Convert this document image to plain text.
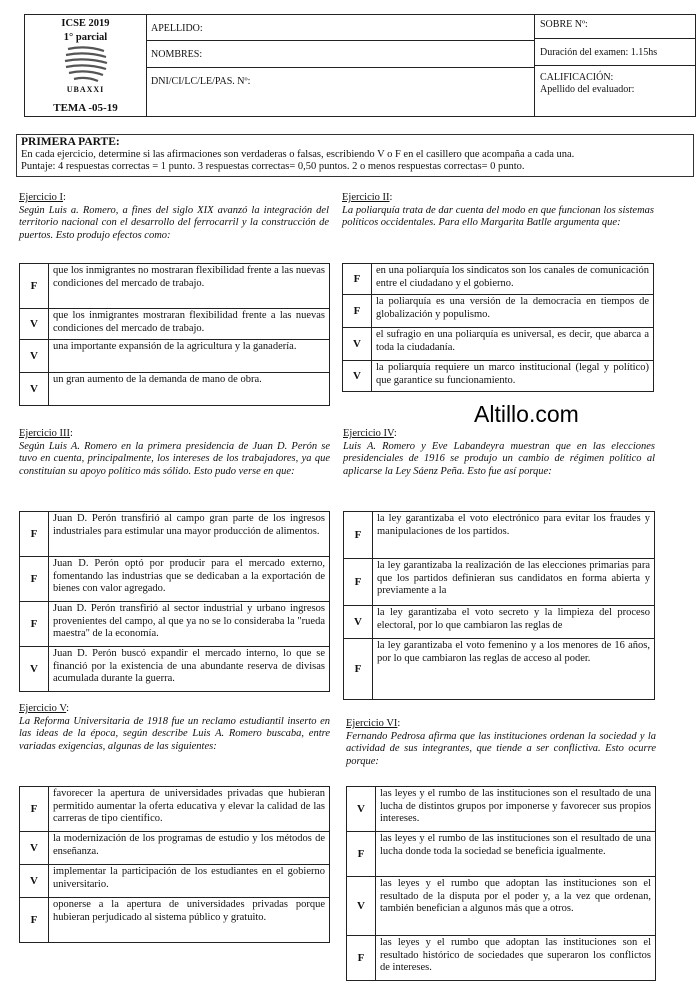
ICSE 2019
1° parcial
UBAXXI
TEMA -05-19
APELLIDO:
NOMBRES:
DNI/CI/LC/LE/PAS. Nº:
SOBRE Nº:
Duración del examen: 1.15hs
CALIFICACIÓN:
Apellido del evaluador:
PRIMERA PARTE:
En cada ejercicio, determine si las afirmaciones son verdaderas o falsas, escribiendo V o F en el casillero que acompaña a cada una.
Puntaje: 4 respuestas correctas = 1 punto. 3 respuestas correctas= 0,50 puntos. 2 o menos respuestas correctas= 0 punto.
Ejercicio I:
Según Luis a. Romero, a fines del siglo XIX avanzó la integración del territorio nacional con el desarrollo del ferrocarril y la construcción de puertos. Esto produjo efectos como:
F	que los inmigrantes no mostraran flexibilidad frente a las nuevas condiciones del mercado de trabajo.
V	que los inmigrantes mostraran flexibilidad frente a las nuevas condiciones del mercado de trabajo.
V	una importante expansión de la agricultura y la ganadería.
V	un gran aumento de la demanda de mano de obra.
Ejercicio II:
La poliarquía trata de dar cuenta del modo en que funcionan los sistemas políticos occidentales. Para ello Margarita Batlle argumenta que:
F	en una poliarquía los sindicatos son los canales de comunicación entre el ciudadano y el gobierno.
F	la poliarquía es una versión de la democracia en tiempos de globalización y populismo.
V	el sufragio en una poliarquía es universal, es decir, que abarca a toda la ciudadanía.
V	la poliarquía requiere un marco institucional (legal y político) que garantice su funcionamiento.
Altillo.com
Ejercicio III:
Según Luis A. Romero en la primera presidencia de Juan D. Perón se tuvo en cuenta, principalmente, los intereses de los trabajadores, ya que constituían su apoyo político más sólido. Esto pudo verse en que:
F	Juan D. Perón transfirió al campo gran parte de los ingresos industriales para estimular una mayor producción de alimentos.
F	Juan D. Perón optó por producir para el mercado externo, fomentando las industrias que se dedicaban a la exportación de bienes con valor agregado.
F	Juan D. Perón transfirió al sector industrial y urbano ingresos provenientes del campo, al que ya no se lo consideraba la "rueda maestra" de la economía.
V	Juan D. Perón buscó expandir el mercado interno, lo que se financió por la existencia de una abundante reserva de divisas acumulada durante la guerra.
Ejercicio IV:
Luis A. Romero y Eve Labandeyra muestran que en las elecciones presidenciales de 1916 se produjo un cambio de régimen político al aplicarse la Ley Sáenz Peña. Esto fue así porque:
F	la ley garantizaba el voto electrónico para evitar los fraudes y manipulaciones de los partidos.
F	la ley garantizaba la realización de las elecciones primarias para que los partidos definieran sus candidatos en forma abierta y previamente a la
V	la ley garantizaba el voto secreto y la limpieza del proceso electoral, por lo que cambiaron las reglas de
F	la ley garantizaba el voto femenino y a los menores de 16 años, por lo que cambiaron las reglas de acceso al poder.
Ejercicio V:
La Reforma Universitaria de 1918 fue un reclamo estudiantil inserto en las ideas de la época, según describe Luis A. Romero buscaba, entre variadas exigencias, algunas de las siguientes:
F	favorecer la apertura de universidades privadas que hubieran permitido aumentar la oferta educativa y elevar la calidad de las carreras de tipo científico.
V	la modernización de los programas de estudio y los métodos de enseñanza.
V	implementar la participación de los estudiantes en el gobierno universitario.
F	oponerse a la apertura de universidades privadas porque hubieran perjudicado al sistema público y gratuito.
Ejercicio VI:
Fernando Pedrosa afirma que las instituciones ordenan la sociedad y la actividad de sus integrantes, que tiende a ser conflictiva. Esto ocurre porque:
V	las leyes y el rumbo de las instituciones son el resultado de una lucha de distintos grupos por imponerse y favorecer sus propios intereses.
F	las leyes y el rumbo de las instituciones son el resultado de una lucha donde toda la sociedad se beneficia igualmente.
V	las leyes y el rumbo que adoptan las instituciones son el resultado de la disputa por el poder y, a la vez que ordenan, también benefician a algunos más que a otros.
F	las leyes y el rumbo que adoptan las instituciones son el resultado histórico de sociedades que superaron los conflictos de intereses.
